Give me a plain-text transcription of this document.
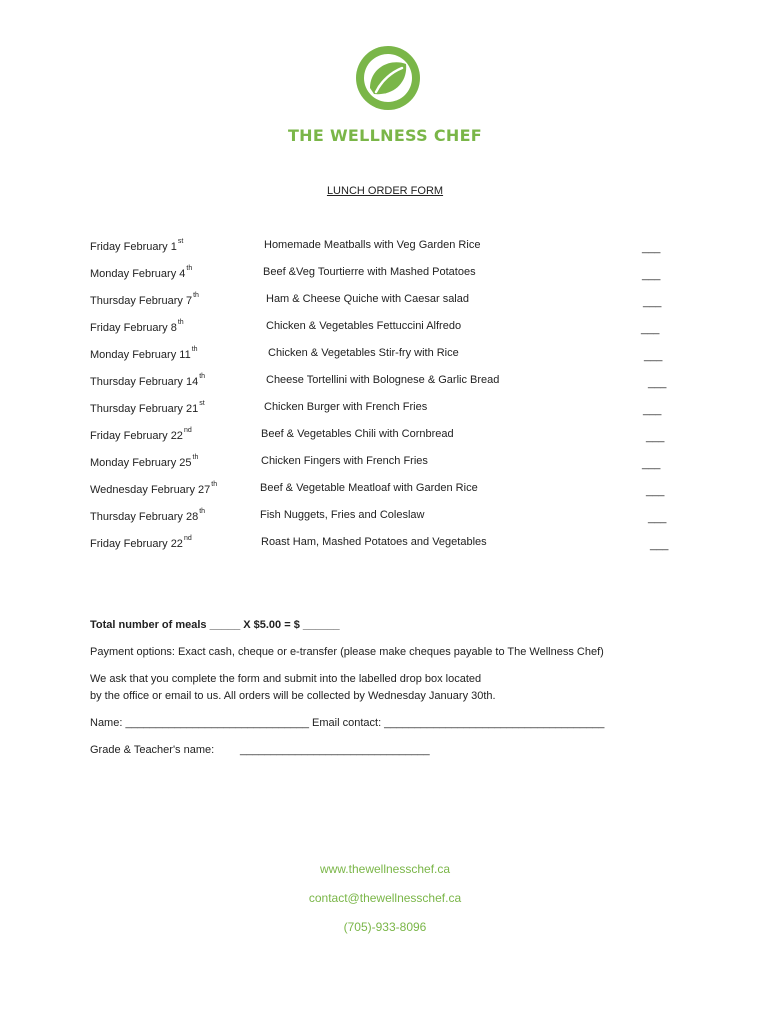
THE WELLNESS CHEF
LUNCH ORDER FORM
Friday February 1st	Homemade Meatballs with Veg Garden Rice	___
Monday February 4th	Beef &Veg Tourtierre with Mashed Potatoes	___
Thursday February 7th	Ham & Cheese Quiche with Caesar salad	___
Friday February 8th	Chicken & Vegetables Fettuccini Alfredo	___
Monday February 11th	Chicken & Vegetables Stir-fry with Rice	___
Thursday February 14th	Cheese Tortellini with Bolognese & Garlic Bread	___
Thursday February 21st	Chicken Burger with French Fries	___
Friday February 22nd	Beef & Vegetables Chili with Cornbread	___
Monday February 25th	Chicken Fingers with French Fries	___
Wednesday February 27th	Beef & Vegetable Meatloaf with Garden Rice	___
Thursday February 28th	Fish Nuggets, Fries and Coleslaw	___
Friday February 22nd	Roast Ham, Mashed Potatoes and Vegetables	___
Total number of meals _____ X $5.00 = $ ______
Payment options: Exact cash, cheque or e-transfer (please make cheques payable to The Wellness Chef)
We ask that you complete the form and submit into the labelled drop box located
by the office or email to us. All orders will be collected by Wednesday January 30th.
Name: ______________________________ Email contact: ____________________________________
Grade & Teacher's name: _______________________________
www.thewellnesschef.ca
contact@thewellnesschef.ca
(705)-933-8096
